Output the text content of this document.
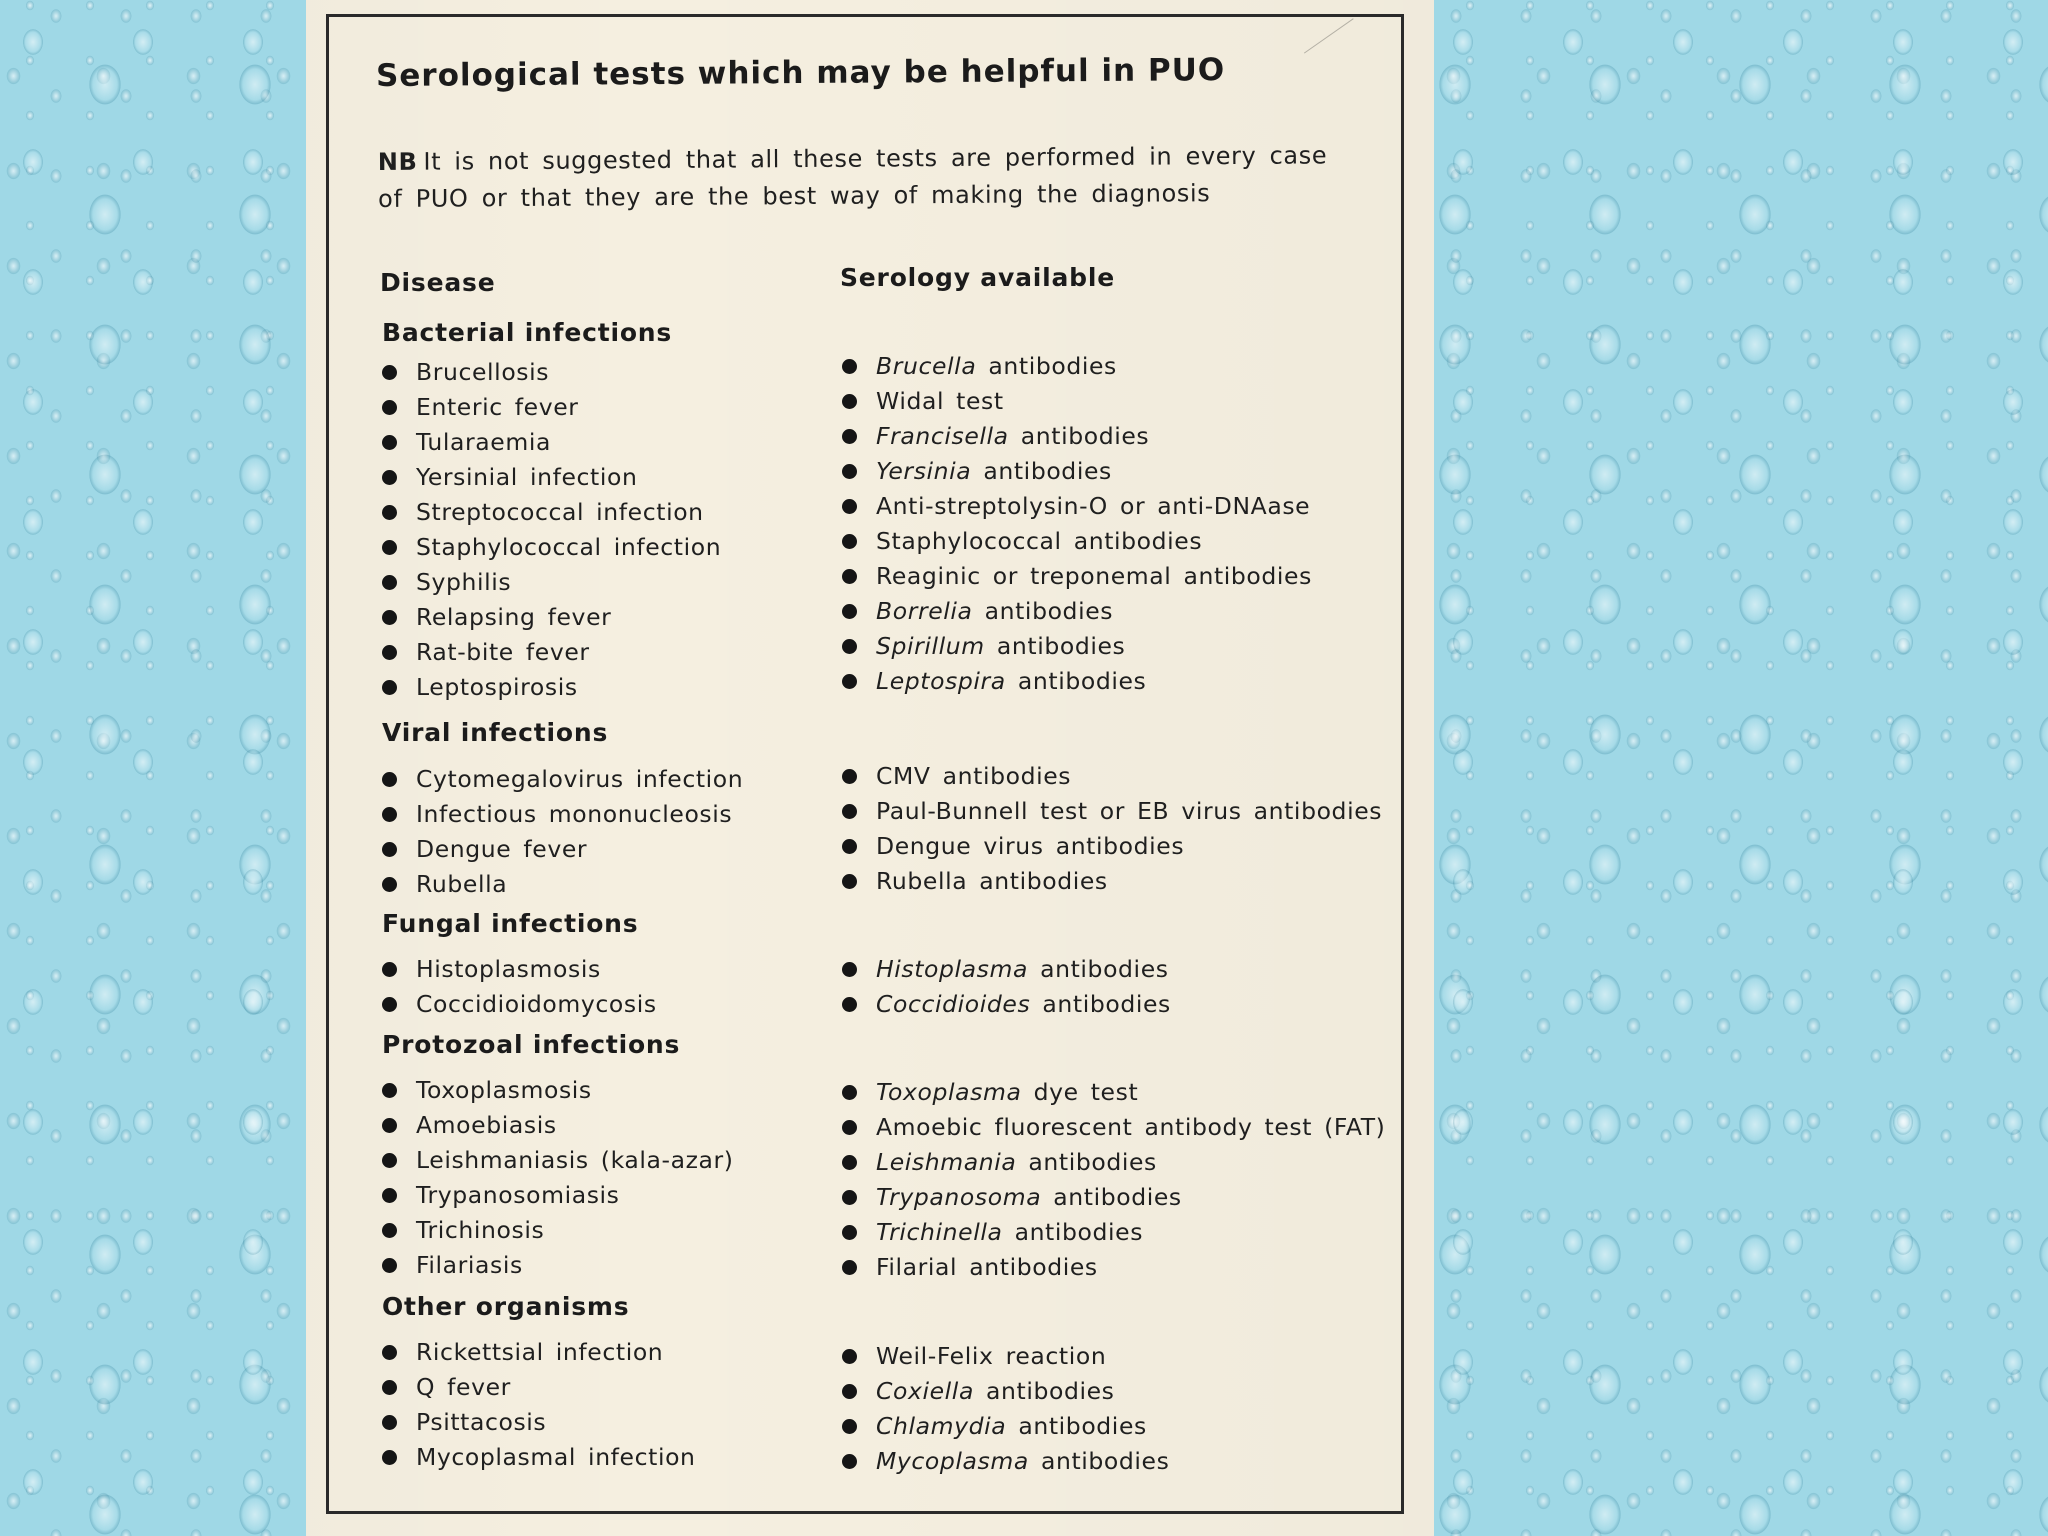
Serological tests which may be helpful in PUO

NB It is not suggested that all these tests are performed in every case of PUO or that they are the best way of making the diagnosis

Disease	Serology available
Bacterial infections
Brucellosis	Brucella antibodies
Enteric fever	Widal test
Tularaemia	Francisella antibodies
Yersinial infection	Yersinia antibodies
Streptococcal infection	Anti-streptolysin-O or anti-DNAase
Staphylococcal infection	Staphylococcal antibodies
Syphilis	Reaginic or treponemal antibodies
Relapsing fever	Borrelia antibodies
Rat-bite fever	Spirillum antibodies
Leptospirosis	Leptospira antibodies
Viral infections
Cytomegalovirus infection	CMV antibodies
Infectious mononucleosis	Paul-Bunnell test or EB virus antibodies
Dengue fever	Dengue virus antibodies
Rubella	Rubella antibodies
Fungal infections
Histoplasmosis	Histoplasma antibodies
Coccidioidomycosis	Coccidioides antibodies
Protozoal infections
Toxoplasmosis	Toxoplasma dye test
Amoebiasis	Amoebic fluorescent antibody test (FAT)
Leishmaniasis (kala-azar)	Leishmania antibodies
Trypanosomiasis	Trypanosoma antibodies
Trichinosis	Trichinella antibodies
Filariasis	Filarial antibodies
Other organisms
Rickettsial infection	Weil-Felix reaction
Q fever	Coxiella antibodies
Psittacosis	Chlamydia antibodies
Mycoplasmal infection	Mycoplasma antibodies
